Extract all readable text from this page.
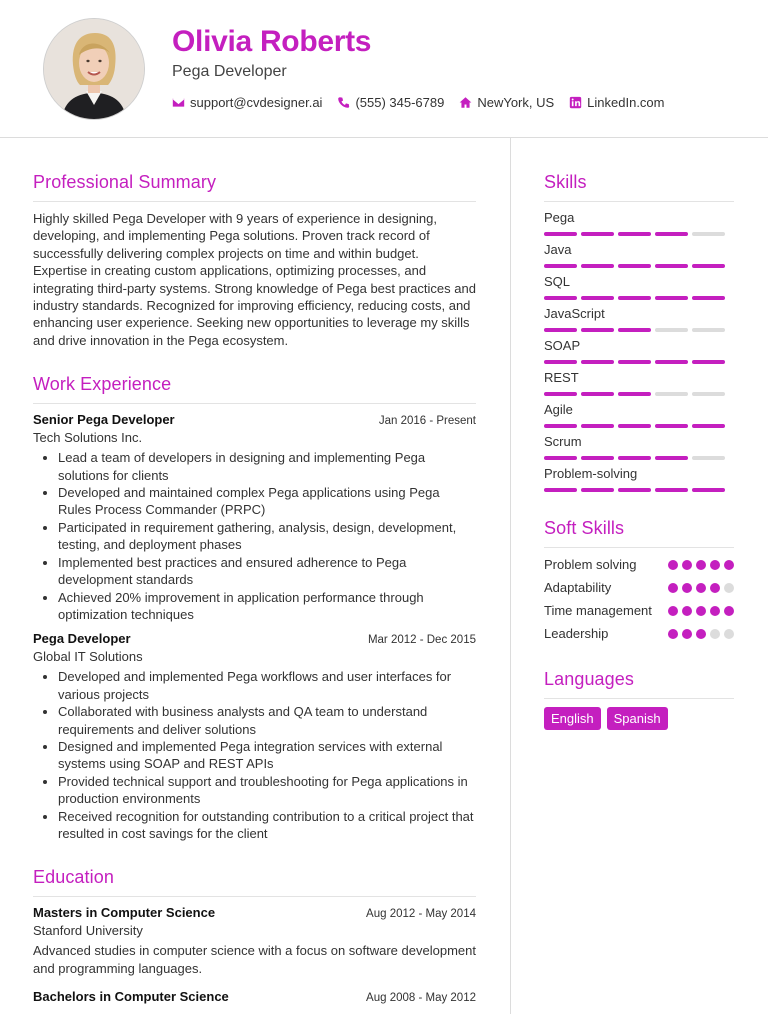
Olivia Roberts
Pega Developer
support@cvdesigner.ai	(555) 345-6789	NewYork, US	LinkedIn.com
Professional Summary
Highly skilled Pega Developer with 9 years of experience in designing, developing, and implementing Pega solutions. Proven track record of successfully delivering complex projects on time and within budget. Expertise in creating custom applications, optimizing processes, and integrating third-party systems. Strong knowledge of Pega best practices and industry standards. Recognized for improving efficiency, reducing costs, and enhancing user experience. Seeking new opportunities to leverage my skills and drive innovation in the Pega ecosystem.
Work Experience
Senior Pega Developer	Jan 2016 - Present
Tech Solutions Inc.
• Lead a team of developers in designing and implementing Pega solutions for clients
• Developed and maintained complex Pega applications using Pega Rules Process Commander (PRPC)
• Participated in requirement gathering, analysis, design, development, testing, and deployment phases
• Implemented best practices and ensured adherence to Pega development standards
• Achieved 20% improvement in application performance through optimization techniques
Pega Developer	Mar 2012 - Dec 2015
Global IT Solutions
• Developed and implemented Pega workflows and user interfaces for various projects
• Collaborated with business analysts and QA team to understand requirements and deliver solutions
• Designed and implemented Pega integration services with external systems using SOAP and REST APIs
• Provided technical support and troubleshooting for Pega applications in production environments
• Received recognition for outstanding contribution to a critical project that resulted in cost savings for the client
Education
Masters in Computer Science	Aug 2012 - May 2014
Stanford University
Advanced studies in computer science with a focus on software development and programming languages.
Bachelors in Computer Science	Aug 2008 - May 2012
Skills
Pega
Java
SQL
JavaScript
SOAP
REST
Agile
Scrum
Problem-solving
Soft Skills
Problem solving
Adaptability
Time management
Leadership
Languages
English	Spanish
